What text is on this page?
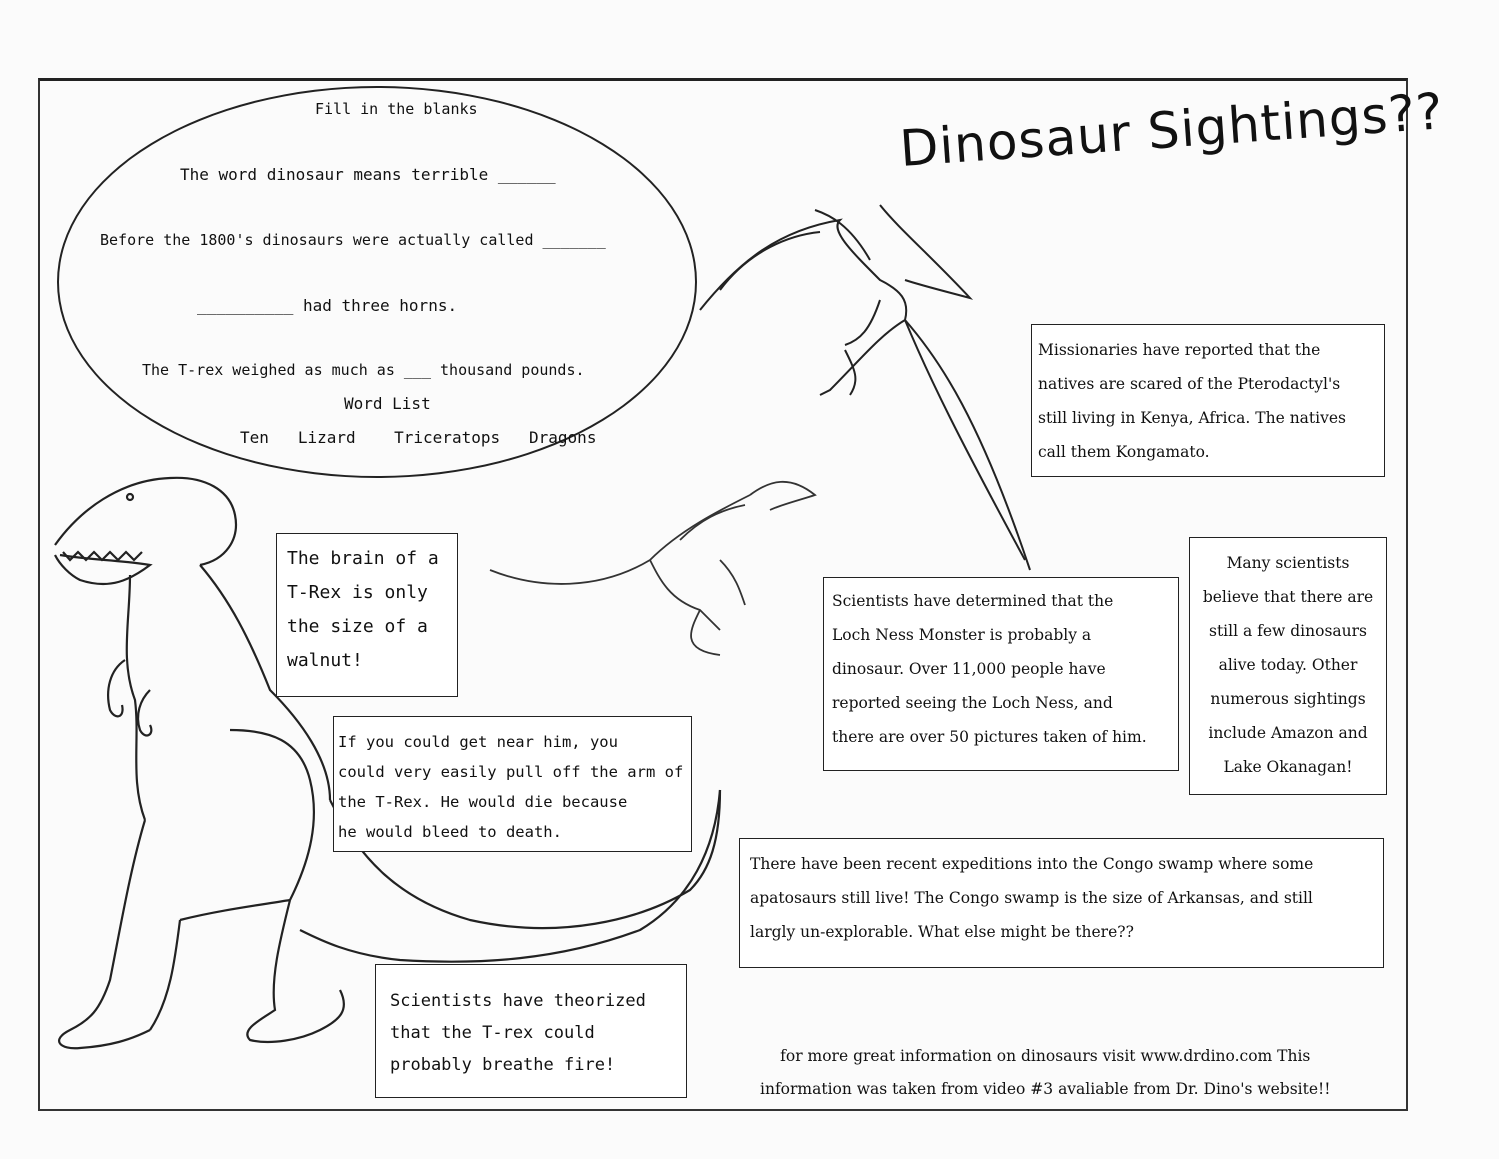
Dinosaur Sightings??
Fill in the blanks
The word dinosaur means terrible ______
Before the 1800's dinosaurs were actually called _______
__________ had three horns.
The T-rex weighed as much as ___ thousand pounds.
Word List
Ten Lizard Triceratops Dragons
The brain of a
T-Rex is only
the size of a
walnut!
If you could get near him, you
could very easily pull off the arm of
the T-Rex. He would die because
he would bleed to death.
Scientists have theorized
that the T-rex could
probably breathe fire!
Missionaries have reported that the
natives are scared of the Pterodactyl's
still living in Kenya, Africa. The natives
call them Kongamato.
Scientists have determined that the
Loch Ness Monster is probably a
dinosaur. Over 11,000 people have
reported seeing the Loch Ness, and
there are over 50 pictures taken of him.
Many scientists
believe that there are
still a few dinosaurs
alive today. Other
numerous sightings
include Amazon and
Lake Okanagan!
There have been recent expeditions into the Congo swamp where some
apatosaurs still live! The Congo swamp is the size of Arkansas, and still
largly un-explorable. What else might be there??
for more great information on dinosaurs visit www.drdino.com This
information was taken from video #3 avaliable from Dr. Dino's website!!
